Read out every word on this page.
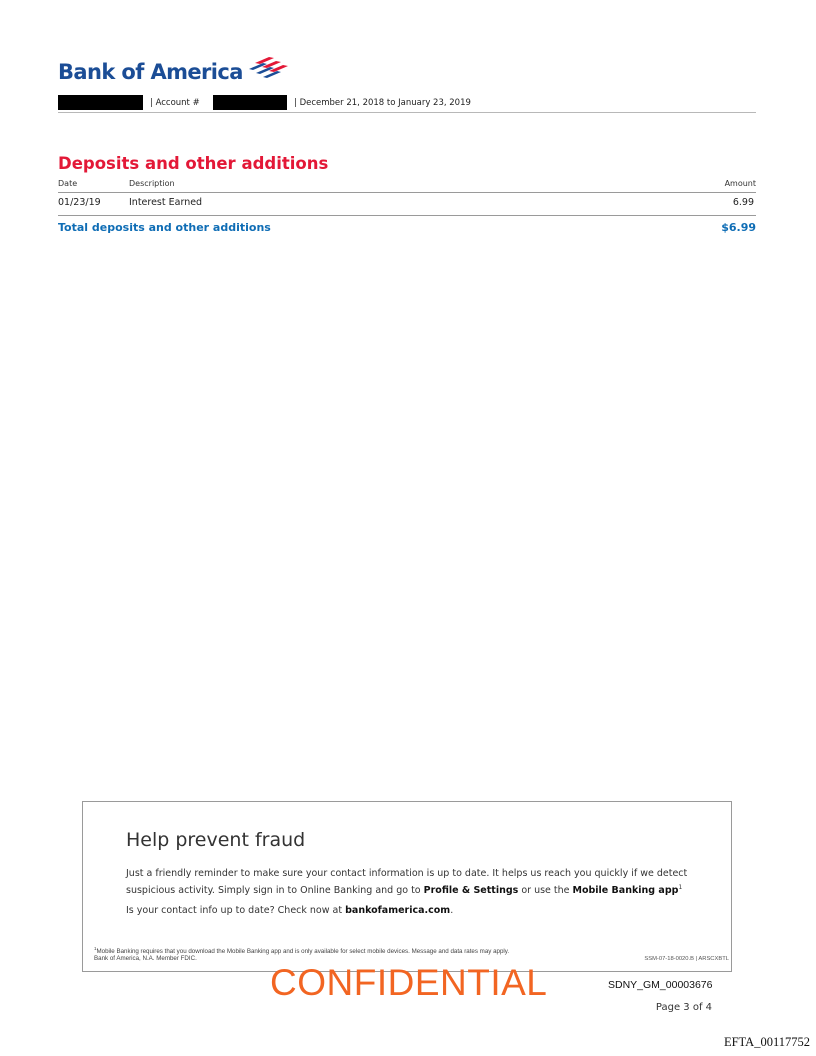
Bank of America
| Account #	| December 21, 2018 to January 23, 2019
Deposits and other additions
Date	Description	Amount
01/23/19	Interest Earned	6.99
Total deposits and other additions	$6.99
Help prevent fraud
Just a friendly reminder to make sure your contact information is up to date. It helps us reach you quickly if we detect
suspicious activity. Simply sign in to Online Banking and go to Profile & Settings or use the Mobile Banking app$^1$
Is your contact info up to date? Check now at bankofamerica.com.
$^1$Mobile Banking requires that you download the Mobile Banking app and is only available for select mobile devices. Message and data rates may apply.
Bank of America, N.A. Member FDIC.	SSM-07-18-0020.B | ARSCXBTL
CONFIDENTIAL	SDNY_GM_00003676
Page 3 of 4
EFTA_00117752
